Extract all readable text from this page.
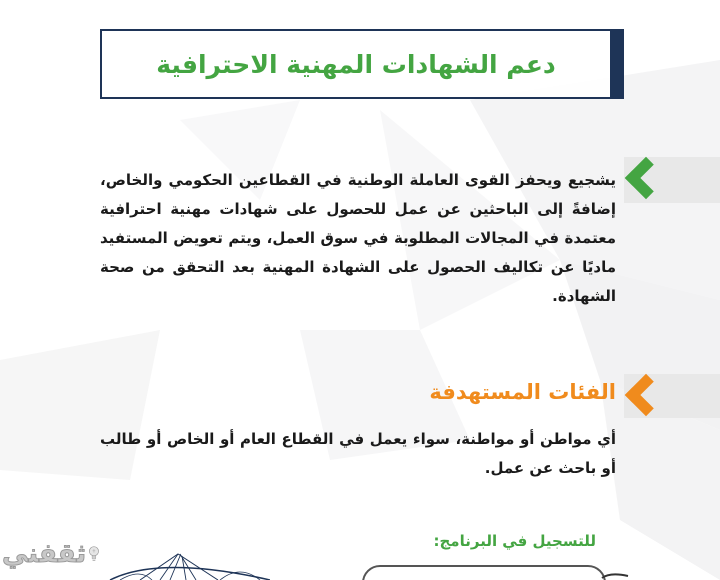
دعم الشهادات المهنية الاحترافية
يشجيع ويحفز القوى العاملة الوطنية في القطاعين الحكومي والخاص، إضافةً إلى الباحثين عن عمل للحصول على شهادات مهنية احترافية معتمدة في المجالات المطلوبة في سوق العمل، ويتم تعويض المستفيد ماديًا عن تكاليف الحصول على الشهادة المهنية بعد التحقق من صحة الشهادة.
الفئات المستهدفة
أي مواطن أو مواطنة، سواء يعمل في القطاع العام أو الخاص أو طالب أو باحث عن عمل.
للتسجيل في البرنامج:
ثقفني
